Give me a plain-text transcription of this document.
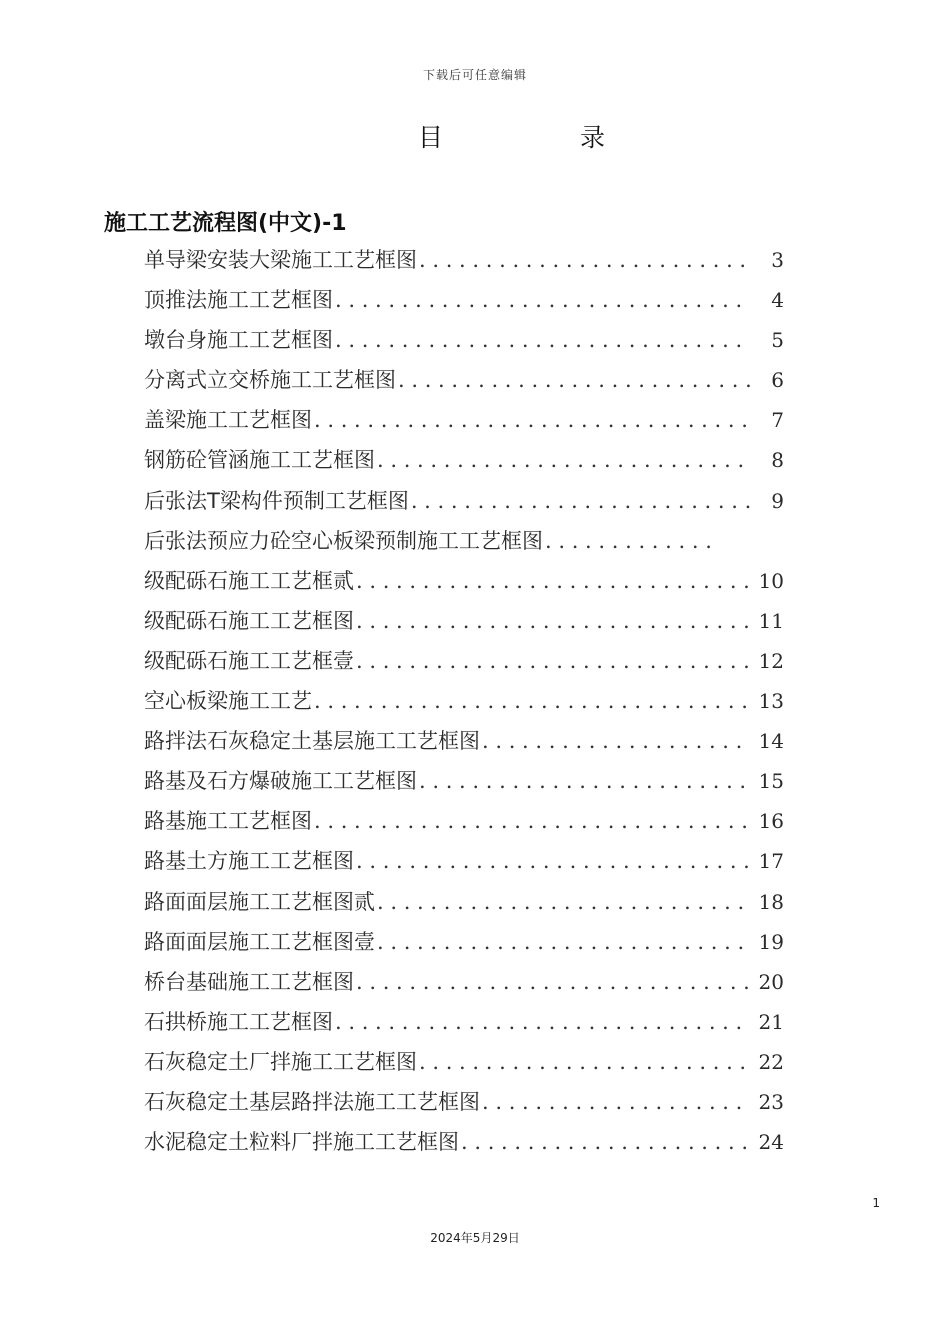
下载后可任意编辑
目	录
施工工艺流程图(中文)-1
单导梁安装大梁施工工艺框图 . . .	3
顶推法施工工艺框图 . . .	4
墩台身施工工艺框图 . . .	5
分离式立交桥施工工艺框图 . . .	6
盖梁施工工艺框图 . . .	7
钢筋砼管涵施工工艺框图 . . .	8
后张法T梁构件预制工艺框图 . . .	9
后张法预应力砼空心板梁预制施工工艺框图
. . .
级配砾石施工工艺框贰 . . .	10
级配砾石施工工艺框图 . . .	11
级配砾石施工工艺框壹 . . .	12
空心板梁施工工艺 . . .	13
路拌法石灰稳定土基层施工工艺框图 . . .	14
路基及石方爆破施工工艺框图 . . .	15
路基施工工艺框图 . . .	16
路基土方施工工艺框图 . . .	17
路面面层施工工艺框图贰 . . .	18
路面面层施工工艺框图壹 . . .	19
桥台基础施工工艺框图 . . .	20
石拱桥施工工艺框图 . . .	21
石灰稳定土厂拌施工工艺框图 . . .	22
石灰稳定土基层路拌法施工工艺框图 . . .	23
水泥稳定土粒料厂拌施工工艺框图 . . .	24
1
2024年5月29日
